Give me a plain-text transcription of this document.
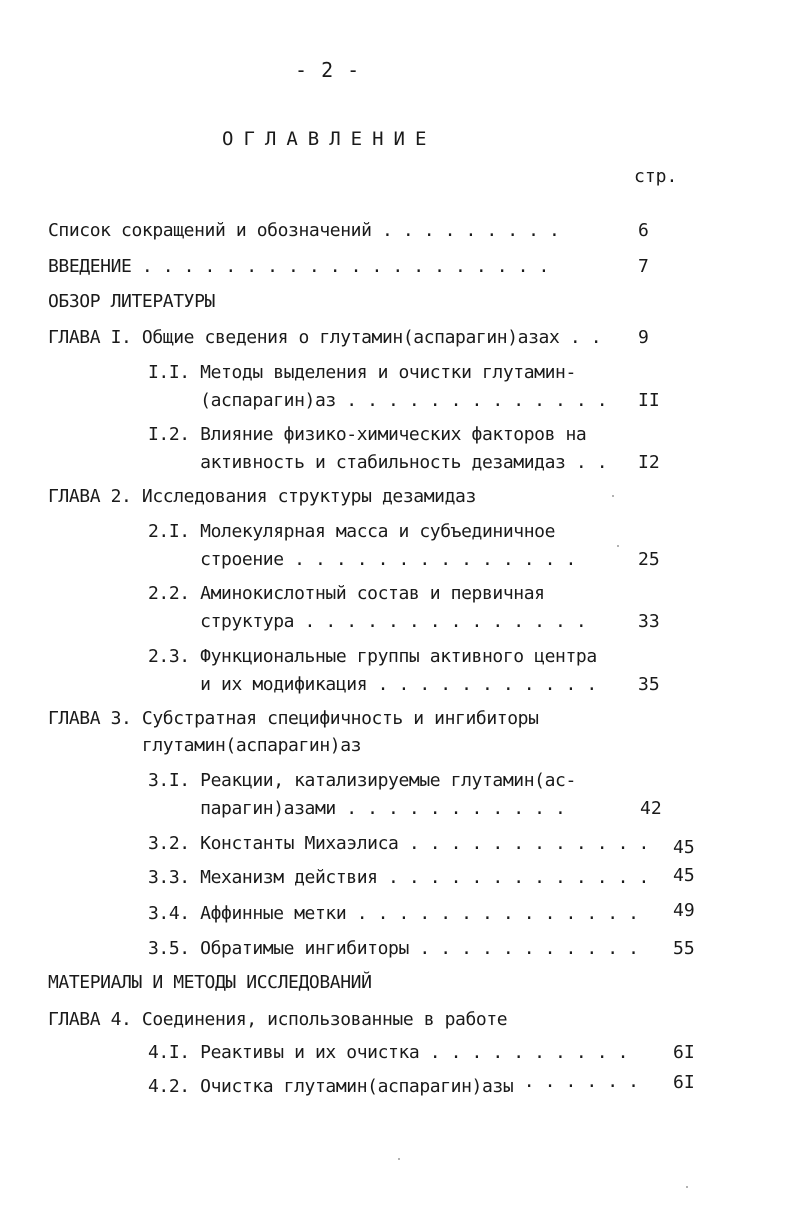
- 2 -
ОГЛАВЛЕНИЕ
стр.
Список сокращений и обозначений . . . . . . . . .	6
ВВЕДЕНИЕ . . . . . . . . . . . . . . . . . . . .	7
ОБЗОР ЛИТЕРАТУРЫ
ГЛАВА I. Общие сведения о глутамин(аспарагин)азах . . 9
I.I. Методы выделения и очистки глутамин-
(аспарагин)аз . . . . . . . . . . . . . II
I.2. Влияние физико-химических факторов на
активность и стабильность дезамидаз . . I2
ГЛАВА 2. Исследования структуры дезамидаз
2.I. Молекулярная масса и субъединичное
строение . . . . . . . . . . . . . .	25
2.2. Аминокислотный состав и первичная
структура . . . . . . . . . . . . . .	33
2.3. Функциональные группы активного центра
и их модификация . . . . . . . . . . . 35
ГЛАВА 3. Субстратная специфичность и ингибиторы
глутамин(аспарагин)аз
3.I. Реакции, катализируемые глутамин(ас-
парагин)азами . . . . . . . . . . .	42
3.2. Константы Михаэлиса . . . . . . . . . . . . 45
3.3. Механизм действия . . . . . . . . . . . . . 45
3.4. Аффинные метки . . . . . . . . . . . . . . 49
3.5. Обратимые ингибиторы . . . . . . . . . . . 55
МАТЕРИАЛЫ И МЕТОДЫ ИССЛЕДОВАНИЙ
ГЛАВА 4. Соединения, использованные в работе
4.I. Реактивы и их очистка . . . . . . . . . . 6I
4.2. Очистка глутамин(аспарагин)азы · · · · · · 6I
